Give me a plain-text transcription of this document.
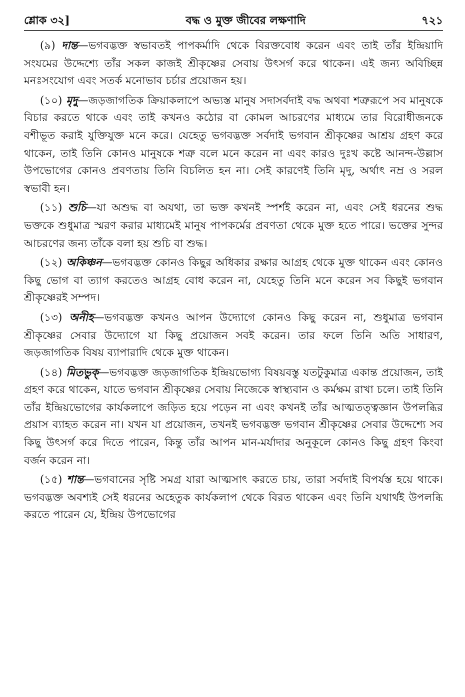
শ্লোক ৩২]	বদ্ধ ও মুক্ত জীবের লক্ষণাদি	৭২১

(৯) দান্ত—ভগবদ্ভক্ত স্বভাবতই পাপকর্মাদি থেকে বিরক্তবোধ করেন এবং তাই তাঁর ইন্দ্রিয়াদি সংযমের উদ্দেশ্যে তাঁর সকল কাজই শ্রীকৃষ্ণের সেবায় উৎসর্গ করে থাকেন। এই জন্য অবিচ্ছিন্ন মনঃসংযোগ এবং সতর্ক মনোভাব চর্চার প্রয়োজন হয়।

(১০) মৃদু—জড়জাগতিক ক্রিয়াকলাপে অভ্যস্ত মানুষ সদাসর্বদাই বদ্ধ অথবা শত্রুরূপে সব মানুষকে বিচার করতে থাকে এবং তাই কখনও কঠোর বা কোমল আচরণের মাধ্যমে তার বিরোধীজনকে বশীভূত করাই যুক্তিযুক্ত মনে করে। যেহেতু ভগবদ্ভক্ত সর্বদাই ভগবান শ্রীকৃষ্ণের আশ্রয় গ্রহণ করে থাকেন, তাই তিনি কোনও মানুষকে শত্রু বলে মনে করেন না এবং কারও দুঃখ কষ্টে আনন্দ-উল্লাস উপভোগের কোনও প্রবণতায় তিনি বিচলিত হন না। সেই কারণেই তিনি মৃদু, অর্থাৎ নম্র ও সরল স্বভাবী হন।

(১১) শুচি—যা অশুদ্ধ বা অযথা, তা ভক্ত কখনই স্পর্শই করেন না, এবং সেই ধরনের শুদ্ধ ভক্তকে শুধুমাত্র স্মরণ করার মাধ্যমেই মানুষ পাপকর্মের প্রবণতা থেকে মুক্ত হতে পারে। ভক্তের সুন্দর আচরণের জন্য তাঁকে বলা হয় শুচি বা শুদ্ধ।

(১২) অকিঞ্চন—ভগবদ্ভক্ত কোনও কিছুর অধিকার রক্ষার আগ্রহ থেকে মুক্ত থাকেন এবং কোনও কিছু ভোগ বা ত্যাগ করতেও আগ্রহ বোধ করেন না, যেহেতু তিনি মনে করেন সব কিছুই ভগবান শ্রীকৃষ্ণেরই সম্পদ।

(১৩) অনীহ—ভগবদ্ভক্ত কখনও আপন উদ্যোগে কোনও কিছু করেন না, শুধুমাত্র ভগবান শ্রীকৃষ্ণের সেবার উদ্যোগে যা কিছু প্রয়োজন সবই করেন। তার ফলে তিনি অতি সাধারণ, জড়জাগতিক বিষয় ব্যাপারাদি থেকে মুক্ত থাকেন।

(১৪) মিতভুক্—ভগবদ্ভক্ত জড়জাগতিক ইন্দ্রিয়ভোগ্য বিষয়বস্তু যতটুকুমাত্র একান্ত প্রয়োজন, তাই গ্রহণ করে থাকেন, যাতে ভগবান শ্রীকৃষ্ণের সেবায় নিজেকে স্বাস্থ্যবান ও কর্মক্ষম রাখা চলে। তাই তিনি তাঁর ইন্দ্রিয়ভোগের কার্যকলাপে জড়িত হয়ে পড়েন না এবং কখনই তাঁর আত্মতত্ত্বজ্ঞান উপলব্ধির প্রয়াস ব্যাহত করেন না। যখন যা প্রয়োজন, তখনই ভগবদ্ভক্ত ভগবান শ্রীকৃষ্ণের সেবার উদ্দেশ্যে সব কিছু উৎসর্গ করে দিতে পারেন, কিন্তু তাঁর আপন মান-মর্যাদার অনুকূলে কোনও কিছু গ্রহণ কিংবা বর্জন করেন না।

(১৫) শান্ত—ভগবানের সৃষ্টি সমগ্র যারা আত্মসাৎ করতে চায়, তারা সর্বদাই বিপর্যস্ত হয়ে থাকে। ভগবদ্ভক্ত অবশ্যই সেই ধরনের অহেতুক কার্যকলাপ থেকে বিরত থাকেন এবং তিনি যথার্থই উপলব্ধি করতে পারেন যে, ইন্দ্রিয় উপভোগের
